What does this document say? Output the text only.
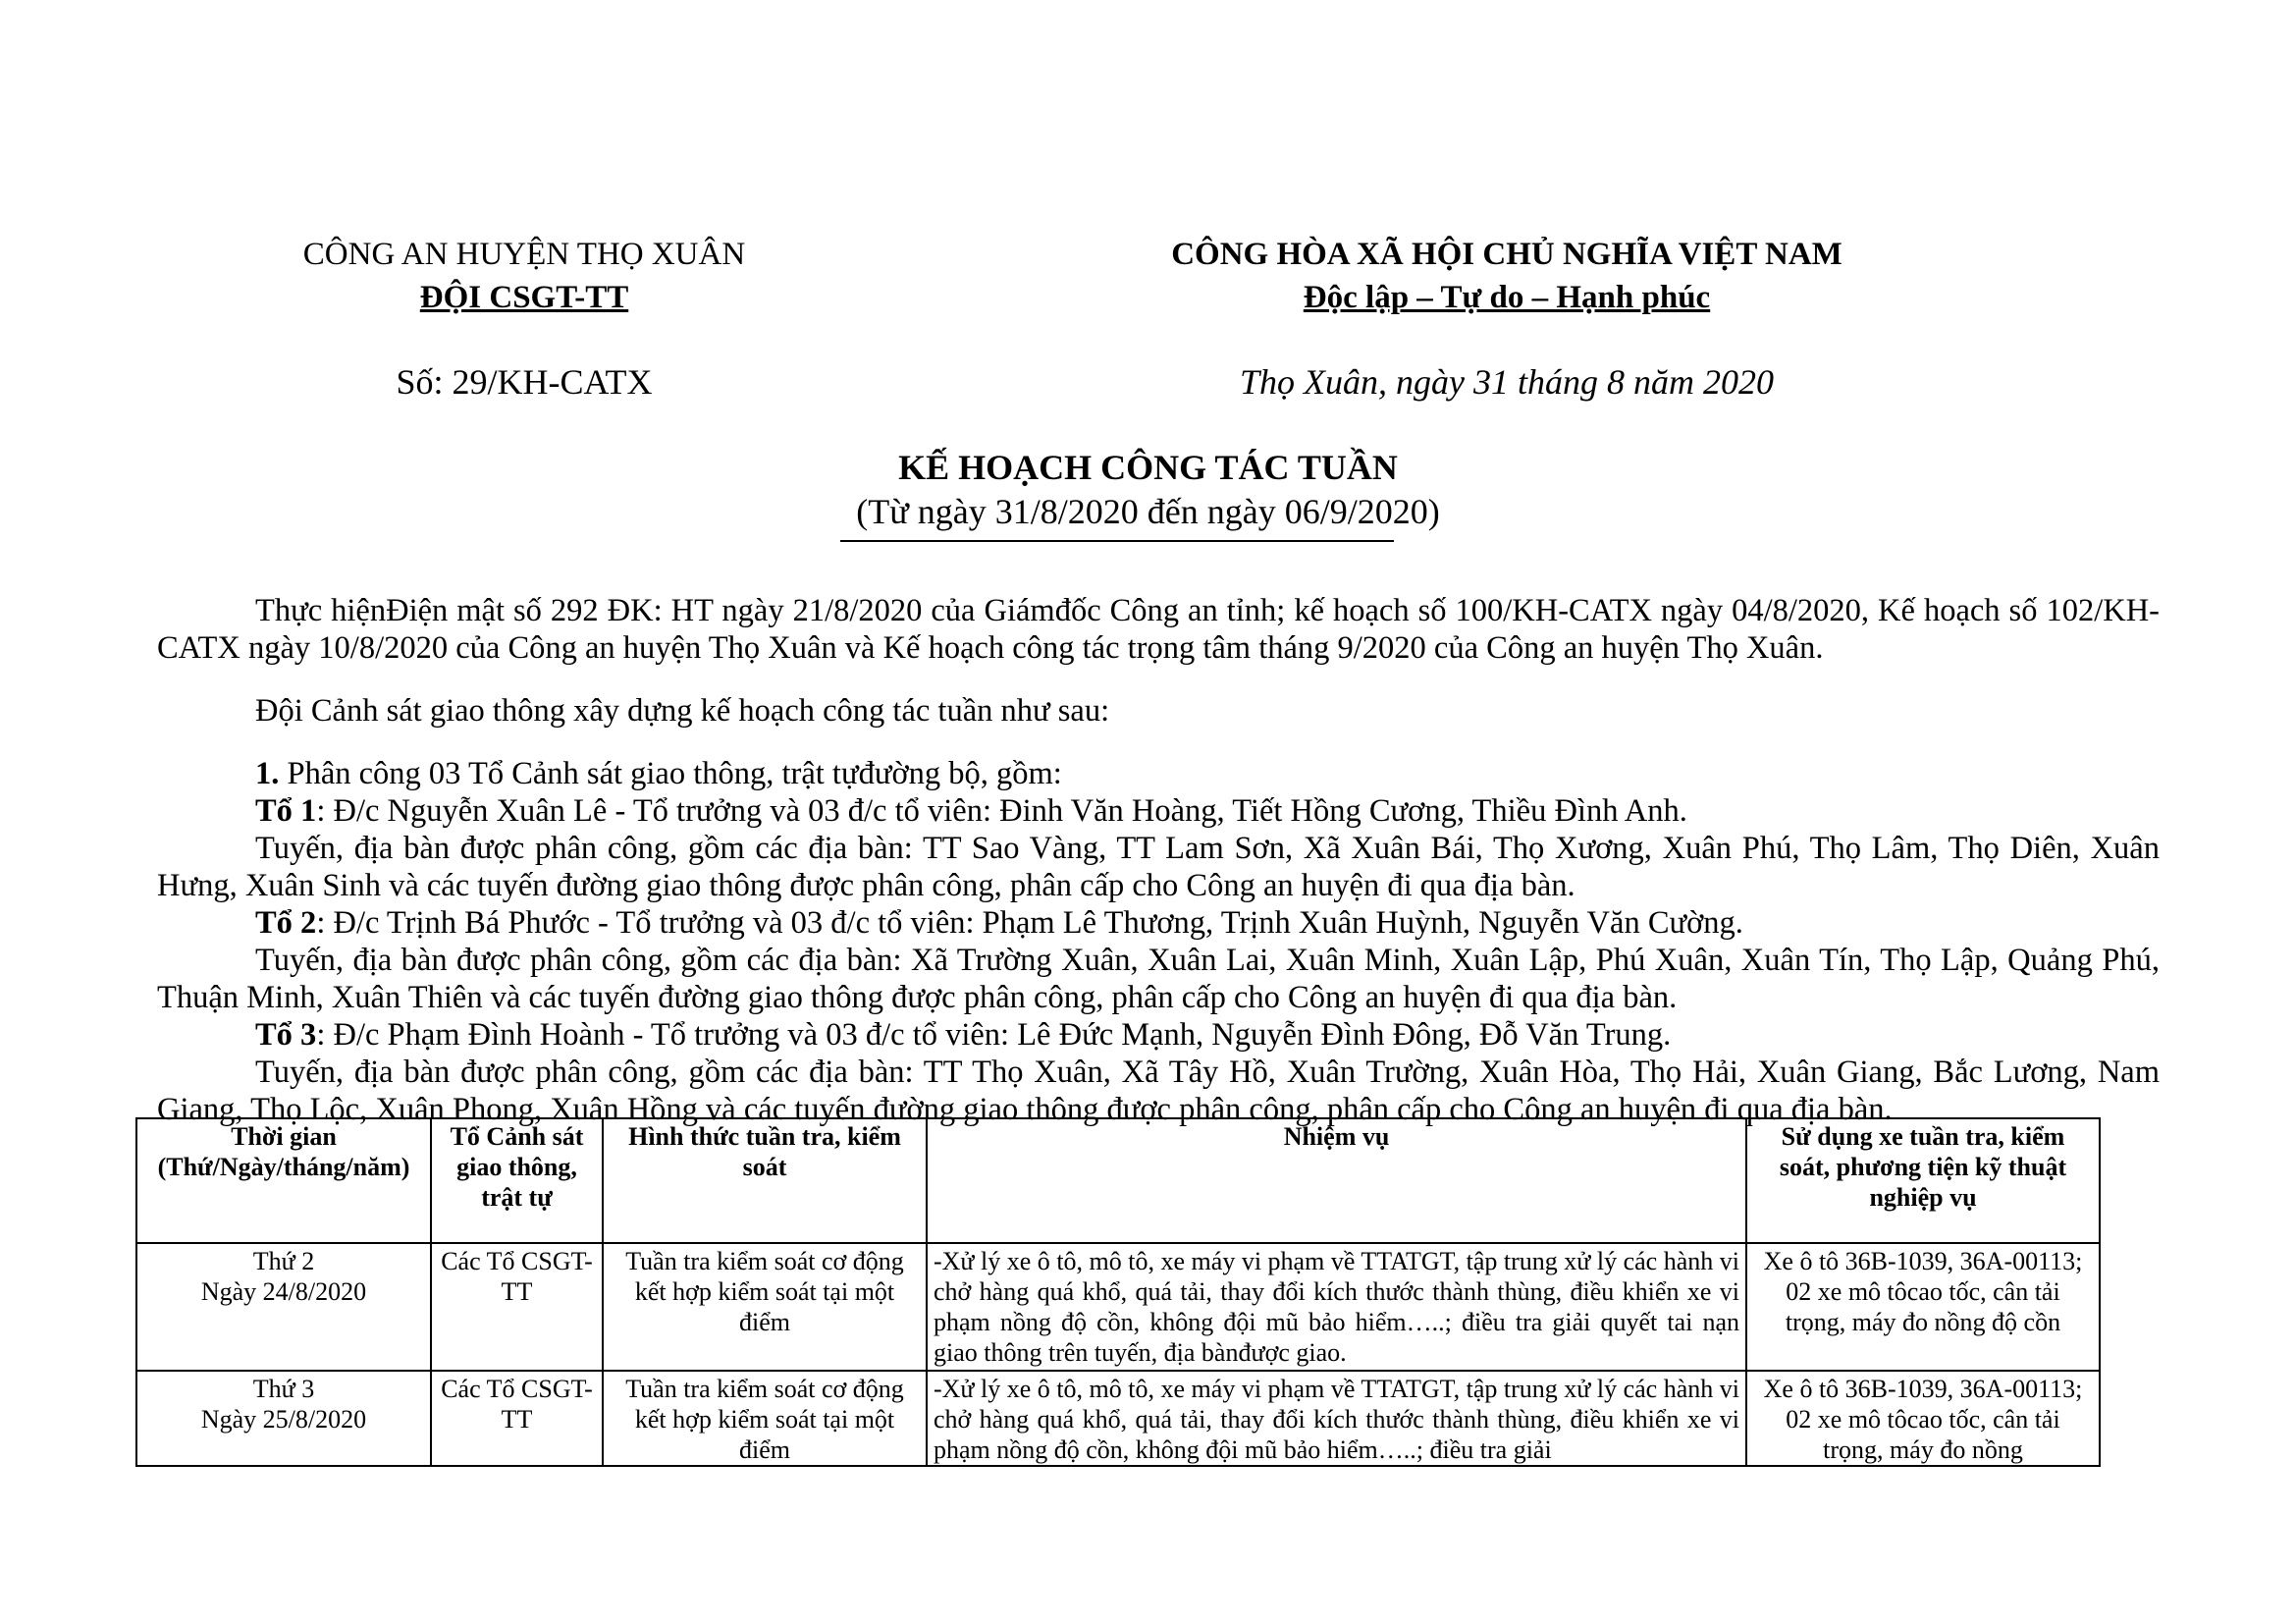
CÔNG AN HUYỆN THỌ XUÂN
ĐỘI CSGT-TT
CÔNG HÒA XÃ HỘI CHỦ NGHĨA VIỆT NAM
Độc lập – Tự do – Hạnh phúc
Số: 29/KH-CATX	Thọ Xuân, ngày 31 tháng 8 năm 2020
KẾ HOẠCH CÔNG TÁC TUẦN
(Từ ngày 31/8/2020 đến ngày 06/9/2020)

Thực hiệnĐiện mật số 292 ĐK: HT ngày 21/8/2020 của Giámđốc Công an tỉnh; kế hoạch số 100/KH-CATX ngày 04/8/2020, Kế hoạch số 102/KH-CATX ngày 10/8/2020 của Công an huyện Thọ Xuân và Kế hoạch công tác trọng tâm tháng 9/2020 của Công an huyện Thọ Xuân.

Đội Cảnh sát giao thông xây dựng kế hoạch công tác tuần như sau:

1. Phân công 03 Tổ Cảnh sát giao thông, trật tựđường bộ, gồm:

Tổ 1: Đ/c Nguyễn Xuân Lê - Tổ trưởng và 03 đ/c tổ viên: Đinh Văn Hoàng, Tiết Hồng Cương, Thiều Đình Anh.

Tuyến, địa bàn được phân công, gồm các địa bàn: TT Sao Vàng, TT Lam Sơn, Xã Xuân Bái, Thọ Xương, Xuân Phú, Thọ Lâm, Thọ Diên, Xuân Hưng, Xuân Sinh và các tuyến đường giao thông được phân công, phân cấp cho Công an huyện đi qua địa bàn.

Tổ 2: Đ/c Trịnh Bá Phước - Tổ trưởng và 03 đ/c tổ viên: Phạm Lê Thương, Trịnh Xuân Huỳnh, Nguyễn Văn Cường.

Tuyến, địa bàn được phân công, gồm các địa bàn: Xã Trường Xuân, Xuân Lai, Xuân Minh, Xuân Lập, Phú Xuân, Xuân Tín, Thọ Lập, Quảng Phú, Thuận Minh, Xuân Thiên và các tuyến đường giao thông được phân công, phân cấp cho Công an huyện đi qua địa bàn.

Tổ 3: Đ/c Phạm Đình Hoành - Tổ trưởng và 03 đ/c tổ viên: Lê Đức Mạnh, Nguyễn Đình Đông, Đỗ Văn Trung.

Tuyến, địa bàn được phân công, gồm các địa bàn: TT Thọ Xuân, Xã Tây Hồ, Xuân Trường, Xuân Hòa, Thọ Hải, Xuân Giang, Bắc Lương, Nam Giang, Thọ Lộc, Xuân Phong, Xuân Hồng và các tuyến đường giao thông được phân công, phân cấp cho Công an huyện đi qua địa bàn.

Thời gian
(Thứ/Ngày/tháng/năm)	Tổ Cảnh sát giao thông, trật tự	Hình thức tuần tra, kiểm soát	Nhiệm vụ	Sử dụng xe tuần tra, kiểm soát, phương tiện kỹ thuật nghiệp vụ

Thứ 2
Ngày 24/8/2020	Các Tổ CSGT-TT	Tuần tra kiểm soát cơ động kết hợp kiểm soát tại một điểm	-Xử lý xe ô tô, mô tô, xe máy vi phạm về TTATGT, tập trung xử lý các hành vi chở hàng quá khổ, quá tải, thay đổi kích thước thành thùng, điều khiển xe vi phạm nồng độ cồn, không đội mũ bảo hiểm…..; điều tra giải quyết tai nạn giao thông trên tuyến, địa bànđược giao.	Xe ô tô 36B-1039, 36A-00113; 02 xe mô tôcao tốc, cân tải trọng, máy đo nồng độ cồn

Thứ 3
Ngày 25/8/2020	Các Tổ CSGT-TT	Tuần tra kiểm soát cơ động kết hợp kiểm soát tại một điểm	-Xử lý xe ô tô, mô tô, xe máy vi phạm về TTATGT, tập trung xử lý các hành vi chở hàng quá khổ, quá tải, thay đổi kích thước thành thùng, điều khiển xe vi phạm nồng độ cồn, không đội mũ bảo hiểm…..; điều tra giải	Xe ô tô 36B-1039, 36A-00113; 02 xe mô tôcao tốc, cân tải trọng, máy đo nồng
